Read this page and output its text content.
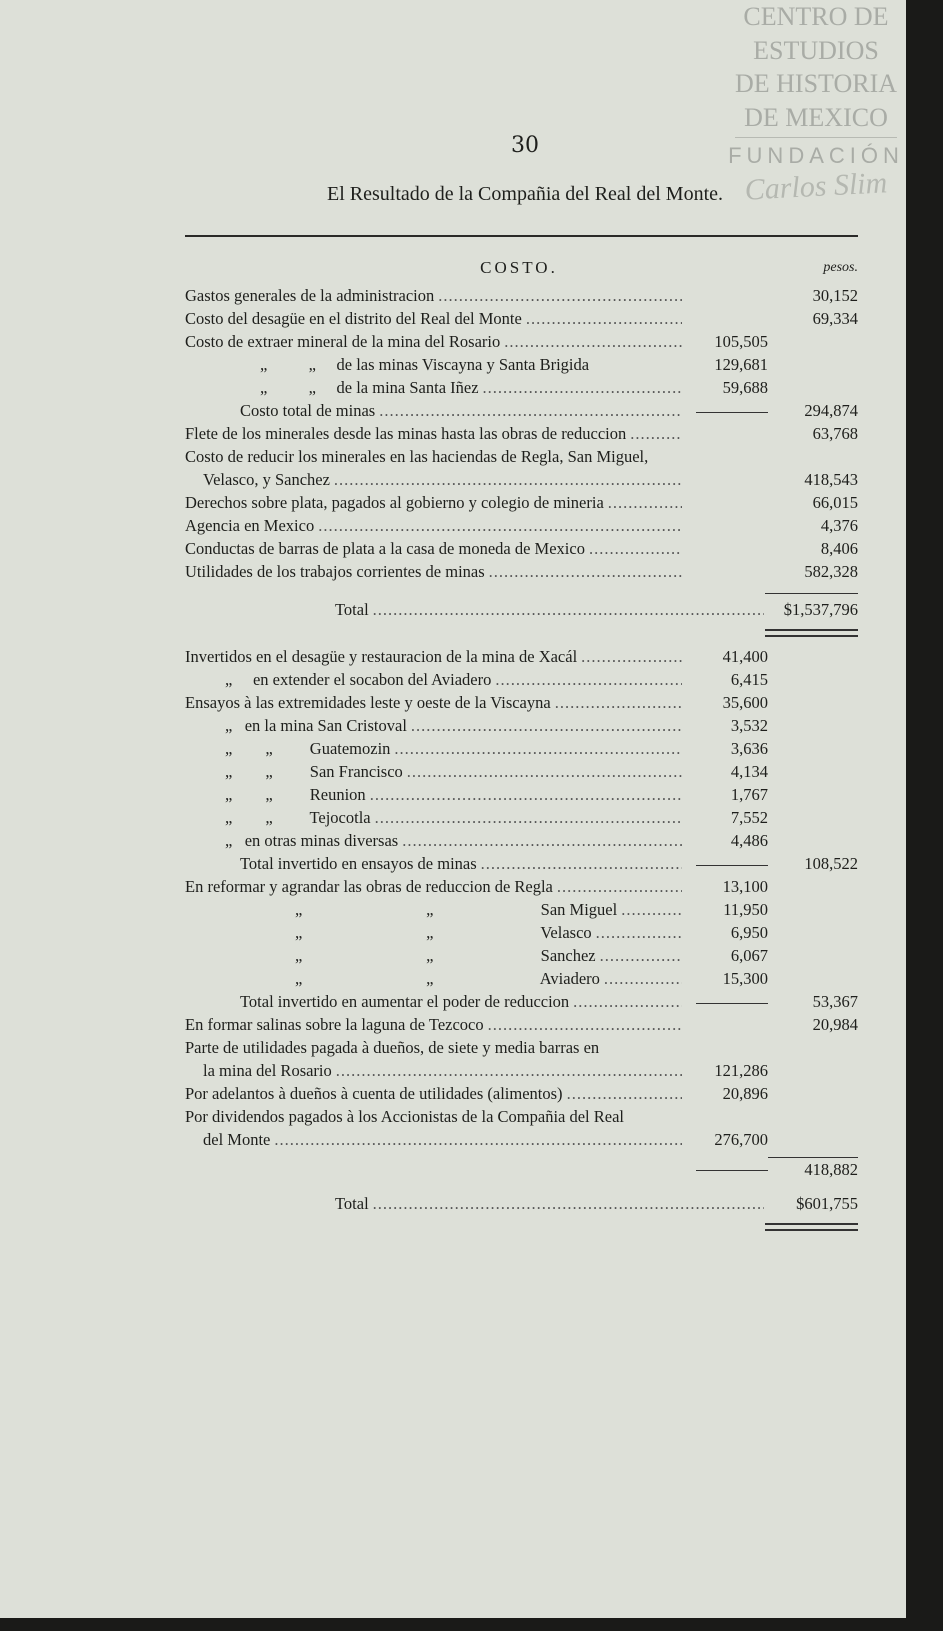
CENTRO DE
ESTUDIOS
DE HISTORIA
DE MEXICO
FUNDACIÓN
Carlos Slim
30
El Resultado de la Compañia del Real del Monte.
COSTO.	pesos.
Gastos generales de la administracion .....	30,152
Costo del desagüe en el distrito del Real del Monte .....	69,334
Costo de extraer mineral de la mina del Rosario .....	105,505
„          „     de las minas Viscayna y Santa Brigida	129,681
„          „     de la mina Santa Iñez .....	59,688
Costo total de minas .....	294,874
Flete de los minerales desde las minas hasta las obras de reduccion .....	63,768
Costo de reducir los minerales en las haciendas de Regla, San Miguel,
Velasco, y Sanchez .....	418,543
Derechos sobre plata, pagados al gobierno y colegio de mineria .....	66,015
Agencia en Mexico .....	4,376
Conductas de barras de plata a la casa de moneda de Mexico .....	8,406
Utilidades de los trabajos corrientes de minas .....	582,328
Total .....	$1,537,796
Invertidos en el desagüe y restauracion de la mina de Xacál .....	41,400
„     en extender el socabon del Aviadero .....	6,415
Ensayos à las extremidades leste y oeste de la Viscayna .....	35,600
„   en la mina San Cristoval .....	3,532
„        „         Guatemozin .....	3,636
„        „         San Francisco .....	4,134
„        „         Reunion .....	1,767
„        „         Tejocotla .....	7,552
„   en otras minas diversas .....	4,486
Total invertido en ensayos de minas .....	108,522
En reformar y agrandar las obras de reduccion de Regla .....	13,100
„                              „                          San Miguel .....	11,950
„                              „                          Velasco .....	6,950
„                              „                          Sanchez .....	6,067
„                              „                          Aviadero .....	15,300
Total invertido en aumentar el poder de reduccion .....	53,367
En formar salinas sobre la laguna de Tezcoco .....	20,984
Parte de utilidades pagada à dueños, de siete y media barras en
la mina del Rosario .....	121,286
Por adelantos à dueños à cuenta de utilidades (alimentos) .....	20,896
Por dividendos pagados à los Accionistas de la Compañia del Real
del Monte .....	276,700
418,882
Total .....	$601,755
